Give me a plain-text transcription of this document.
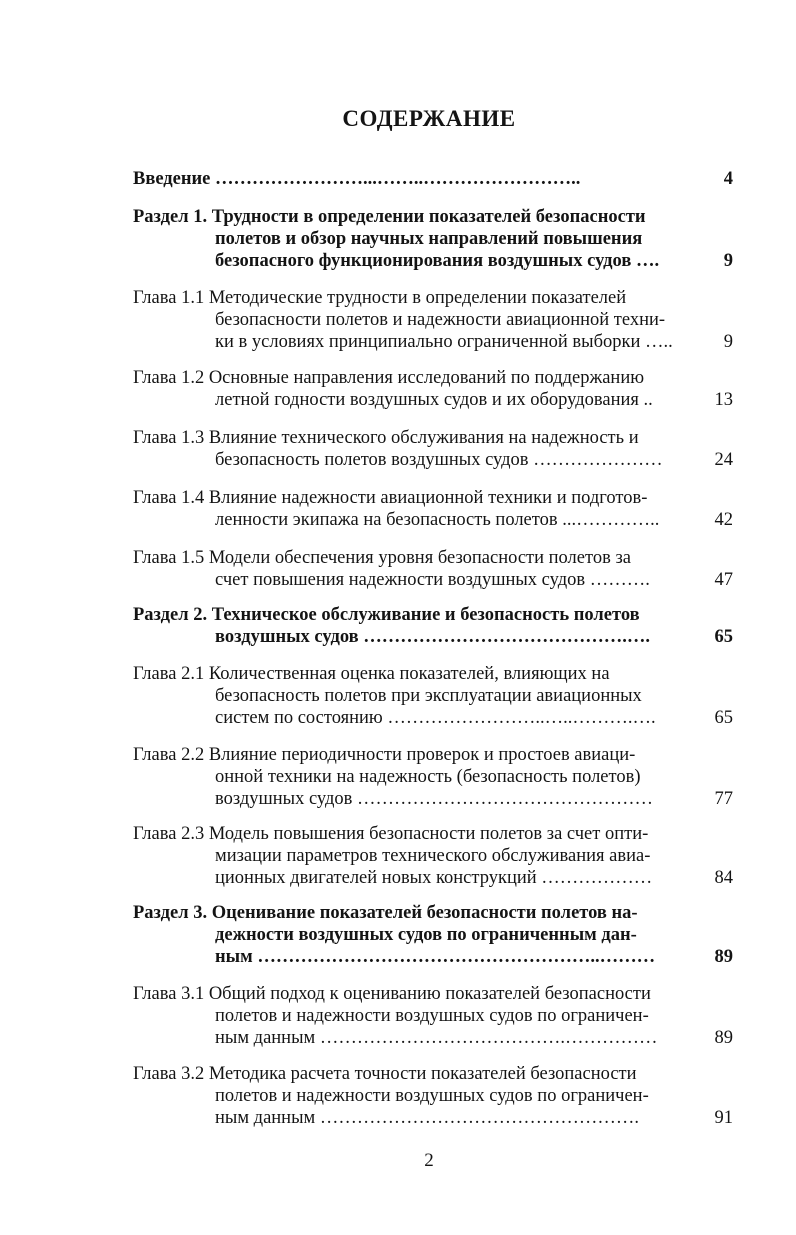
СОДЕРЖАНИЕ
Введение ……………………...……..……………………..	4
Раздел 1. Трудности в определении показателей безопасности
полетов и обзор научных направлений повышения
безопасного функционирования воздушных судов ….	9
Глава 1.1 Методические трудности в определении показателей
безопасности полетов и надежности авиационной техни-
ки в условиях принципиально ограниченной выборки …..	9
Глава 1.2 Основные направления исследований по поддержанию
летной годности воздушных судов и их оборудования ..	13
Глава 1.3 Влияние технического обслуживания на надежность и
безопасность полетов воздушных судов …………………	24
Глава 1.4 Влияние надежности авиационной техники и подготов-
ленности экипажа на безопасность полетов ...…………..	42
Глава 1.5 Модели обеспечения уровня безопасности полетов за
счет повышения надежности воздушных судов ……….	47
Раздел 2. Техническое обслуживание и безопасность полетов
воздушных судов …………………………………….….	65
Глава 2.1 Количественная оценка показателей, влияющих на
безопасность полетов при эксплуатации авиационных
систем по состоянию ……………………..…..……….….	65
Глава 2.2 Влияние периодичности проверок и простоев авиаци-
онной техники на надежность (безопасность полетов)
воздушных судов …………………………………………	77
Глава 2.3 Модель повышения безопасности полетов за счет опти-
мизации параметров технического обслуживания авиа-
ционных двигателей новых конструкций ………………	84
Раздел 3. Оценивание показателей безопасности полетов на-
дежности воздушных судов по ограниченным дан-
ным ………………………………………………..………	89
Глава 3.1 Общий подход к оцениванию показателей безопасности
полетов и надежности воздушных судов по ограничен-
ным данным ………………………………….……………	89
Глава 3.2 Методика расчета точности показателей безопасности
полетов и надежности воздушных судов по ограничен-
ным данным …………………………………………….	91
2
